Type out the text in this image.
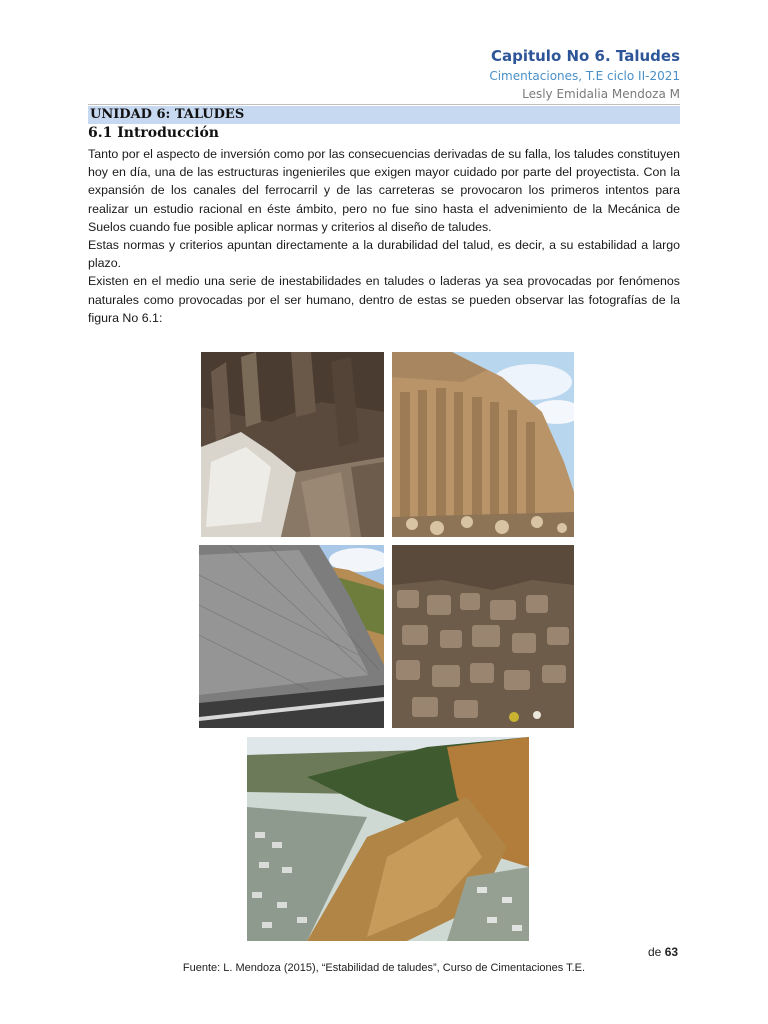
Capitulo No 6. Taludes
Cimentaciones, T.E ciclo II-2021
Lesly Emidalia Mendoza M
UNIDAD 6: TALUDES
6.1 Introducción

Tanto por el aspecto de inversión como por las consecuencias derivadas de su falla, los taludes constituyen hoy en día, una de las estructuras ingenieriles que exigen mayor cuidado por parte del proyectista. Con la expansión de los canales del ferrocarril y de las carreteras se provocaron los primeros intentos para realizar un estudio racional en éste ámbito, pero no fue sino hasta el advenimiento de la Mecánica de Suelos cuando fue posible aplicar normas y criterios al diseño de taludes.

Estas normas y criterios apuntan directamente a la durabilidad del talud, es decir, a su estabilidad a largo plazo.

Existen en el medio una serie de inestabilidades en taludes o laderas ya sea provocadas por fenómenos naturales como provocadas por el ser humano, dentro de estas se pueden observar las fotografías de la figura No 6.1:

de 63
Fuente: L. Mendoza (2015), “Estabilidad de taludes”, Curso de Cimentaciones T.E.
